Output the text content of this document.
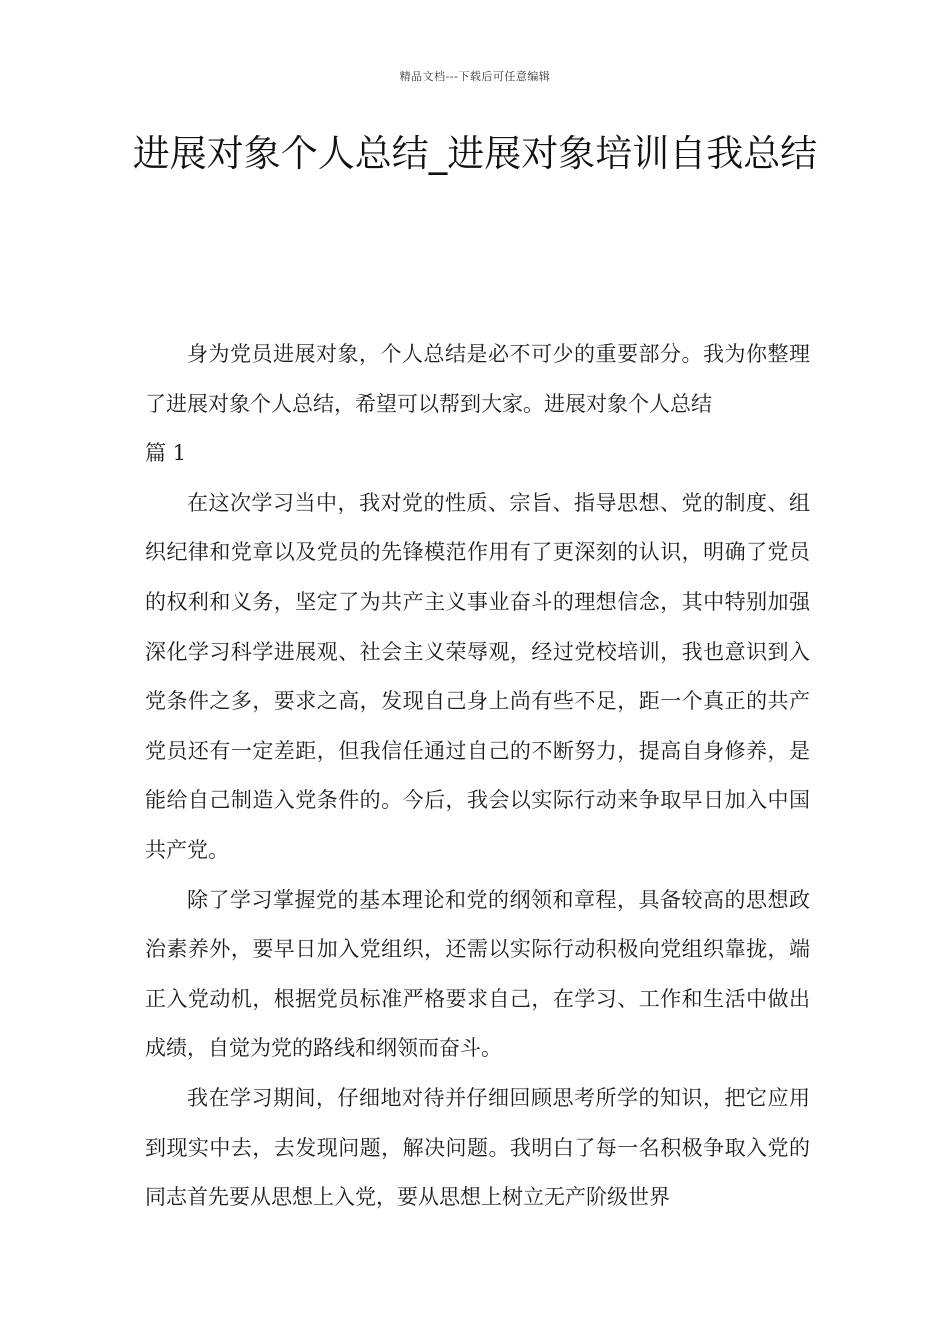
精品文档---下载后可任意编辑
进展对象个人总结_进展对象培训自我总结

身为党员进展对象，个人总结是必不可少的重要部分。我为你整理了进展对象个人总结，希望可以帮到大家。进展对象个人总结

篇 1

在这次学习当中，我对党的性质、宗旨、指导思想、党的制度、组织纪律和党章以及党员的先锋模范作用有了更深刻的认识，明确了党员的权利和义务，坚定了为共产主义事业奋斗的理想信念，其中特别加强深化学习科学进展观、社会主义荣辱观，经过党校培训，我也意识到入党条件之多，要求之高，发现自己身上尚有些不足，距一个真正的共产党员还有一定差距，但我信任通过自己的不断努力，提高自身修养，是能给自己制造入党条件的。今后，我会以实际行动来争取早日加入中国共产党。

除了学习掌握党的基本理论和党的纲领和章程，具备较高的思想政治素养外，要早日加入党组织，还需以实际行动积极向党组织靠拢，端正入党动机，根据党员标准严格要求自己，在学习、工作和生活中做出成绩，自觉为党的路线和纲领而奋斗。

我在学习期间，仔细地对待并仔细回顾思考所学的知识，把它应用到现实中去，去发现问题，解决问题。我明白了每一名积极争取入党的同志首先要从思想上入党，要从思想上树立无产阶级世界
